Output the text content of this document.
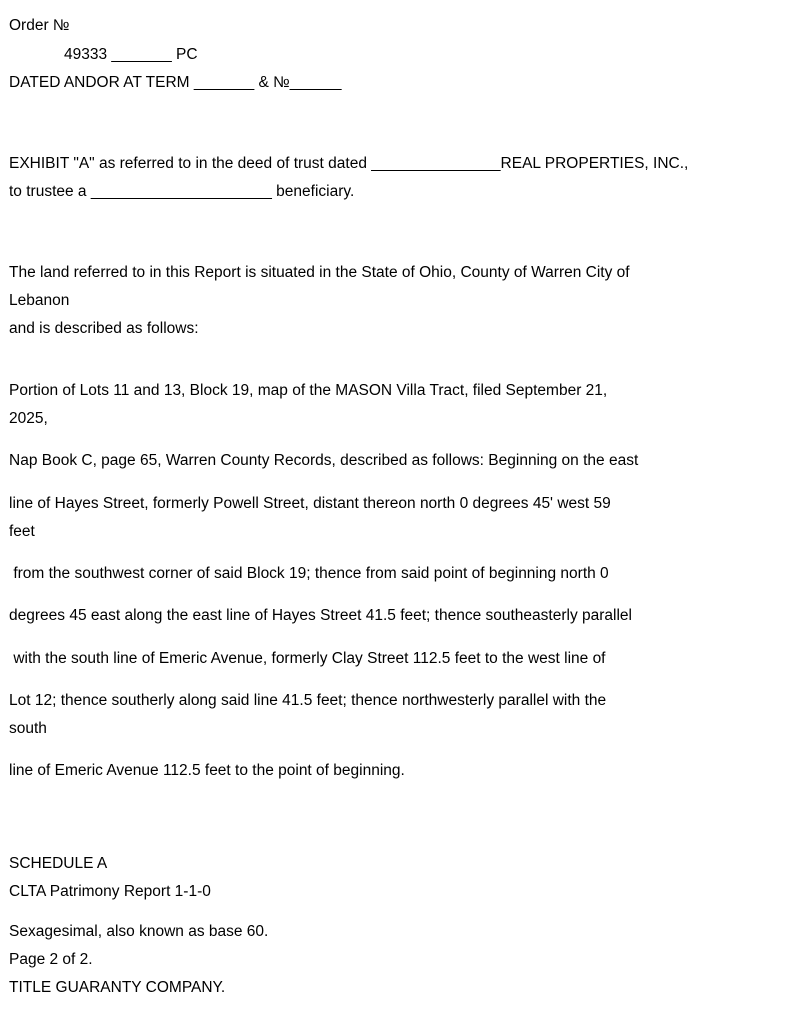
Order №
49333 _______ PC
DATED ANDOR AT TERM _______ & №______
EXHIBIT "A" as referred to in the deed of trust dated _______________REAL PROPERTIES, INC.,
to trustee a _____________________ beneficiary.
The land referred to in this Report is situated in the State of Ohio, County of Warren City of
Lebanon
and is described as follows:
Portion of Lots 11 and 13, Block 19, map of the MASON Villa Tract, filed September 21,
2025,
Nap Book C, page 65, Warren County Records, described as follows: Beginning on the east
line of Hayes Street, formerly Powell Street, distant thereon north 0 degrees 45' west 59
feet
from the southwest corner of said Block 19; thence from said point of beginning north 0
degrees 45 east along the east line of Hayes Street 41.5 feet; thence southeasterly parallel
with the south line of Emeric Avenue, formerly Clay Street 112.5 feet to the west line of
Lot 12; thence southerly along said line 41.5 feet; thence northwesterly parallel with the
south
line of Emeric Avenue 112.5 feet to the point of beginning.
SCHEDULE A
CLTA Patrimony Report 1-1-0
Sexagesimal, also known as base 60.
Page 2 of 2.
TITLE GUARANTY COMPANY.
